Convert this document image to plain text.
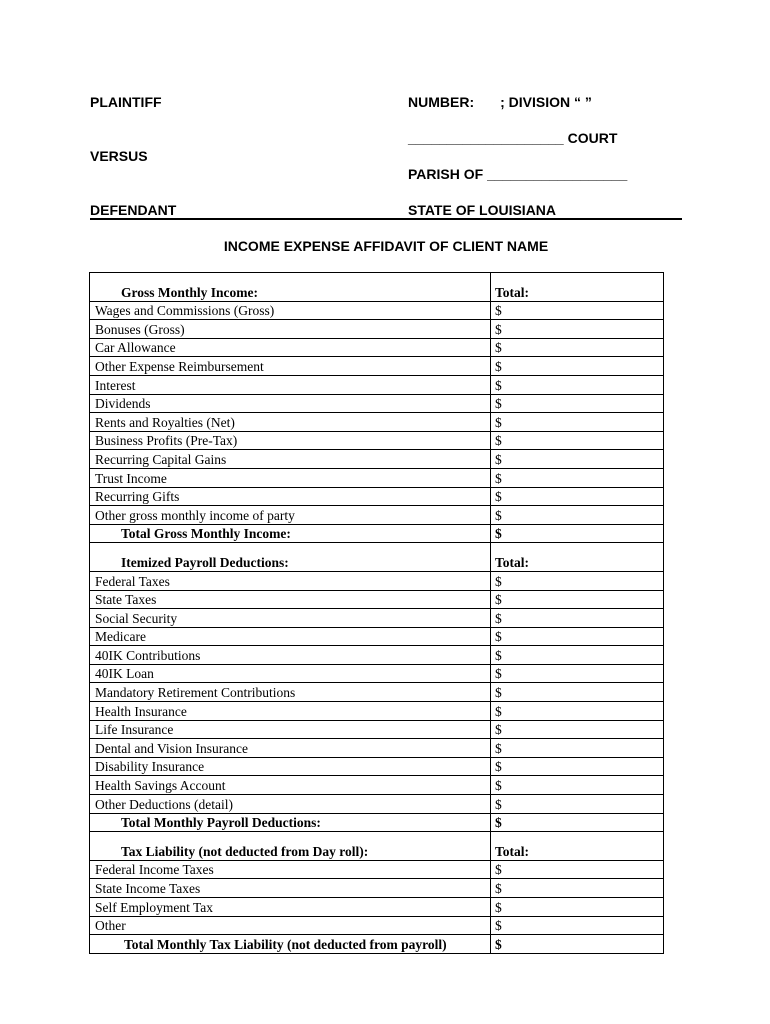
PLAINTIFF	NUMBER: ; DIVISION “ ”
____________________ COURT
VERSUS
PARISH OF __________________
DEFENDANT	STATE OF LOUISIANA
INCOME EXPENSE AFFIDAVIT OF CLIENT NAME

Gross Monthly Income:	Total:
Wages and Commissions (Gross)	$
Bonuses (Gross)	$
Car Allowance	$
Other Expense Reimbursement	$
Interest	$
Dividends	$
Rents and Royalties (Net)	$
Business Profits (Pre-Tax)	$
Recurring Capital Gains	$
Trust Income	$
Recurring Gifts	$
Other gross monthly income of party	$
Total Gross Monthly Income:	$

Itemized Payroll Deductions:	Total:
Federal Taxes	$
State Taxes	$
Social Security	$
Medicare	$
40IK Contributions	$
40IK Loan	$
Mandatory Retirement Contributions	$
Health Insurance	$
Life Insurance	$
Dental and Vision Insurance	$
Disability Insurance	$
Health Savings Account	$
Other Deductions (detail)	$
Total Monthly Payroll Deductions:	$

Tax Liability (not deducted from Day roll):	Total:
Federal Income Taxes	$
State Income Taxes	$
Self Employment Tax	$
Other	$
Total Monthly Tax Liability (not deducted from payroll)	$
